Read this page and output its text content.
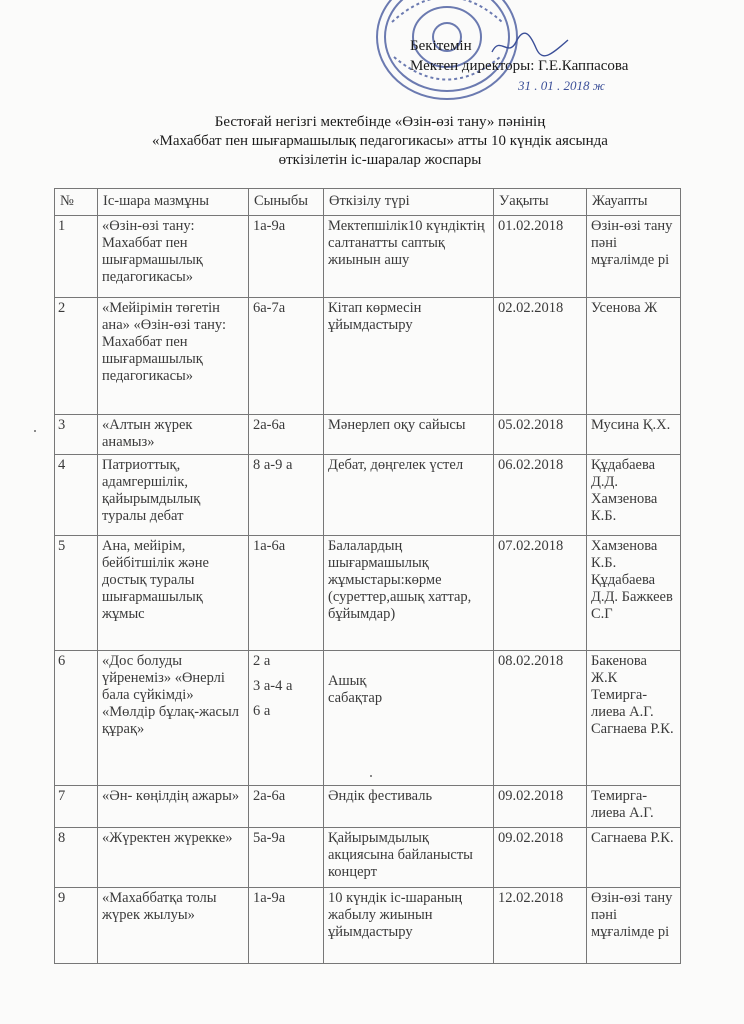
Бекітемін
Мектеп директоры: Г.Е.Каппасова
31 . 01 . 2018 ж
Бестоғай негізгі мектебінде «Өзін-өзі тану» пәнінің
«Махаббат пен шығармашылық педагогикасы» атты 10 күндік аясында
өткізілетін іс-шаралар жоспары
№	Іс-шара мазмұны	Сыныбы	Өткізілу түрі	Уақыты	Жауапты
1	«Өзін-өзі тану: Махаббат пен шығармашылық педагогикасы»	1а-9а	Мектепшілік10 күндіктің салтанатты саптық жиынын ашу	01.02.2018	Өзін-өзі тану пәні мұғалімде рі
2	«Мейірімін төгетін ана» «Өзін-өзі тану: Махаббат пен шығармашылық педагогикасы»	6а-7а	Кітап көрмесін ұйымдастыру	02.02.2018	Усенова Ж
3	«Алтын жүрек анамыз»	2а-6а	Мәнерлеп оқу сайысы	05.02.2018	Мусина Қ.Х.
4	Патриоттық, адамгершілік, қайырымдылық туралы дебат	8 а-9 а	Дебат, дөңгелек үстел	06.02.2018	Құдабаева Д.Д. Хамзенова К.Б.
5	Ана, мейірім, бейбітшілік және достық туралы шығармашылық жұмыс	1а-6а	Балалардың шығармашылық жұмыстары:көрме (суреттер,ашық хаттар, бұйымдар)	07.02.2018	Хамзенова К.Б. Құдабаева Д.Д. Бажкеев С.Г
6	«Дос болуды үйренеміз» «Өнерлі бала сүйкімді» «Мөлдір бұлақ-жасыл құрақ»	2 а
3 а-4 а
6 а	Ашық сабақтар	08.02.2018	Бакенова Ж.К Темирга-лиева А.Г. Сагнаева Р.К.
7	«Ән- көңілдің ажары»	2а-6а	Әндік фестиваль	09.02.2018	Темирга-лиева А.Г.
8	«Жүректен жүрекке»	5а-9а	Қайырымдылық акциясына байланысты концерт	09.02.2018	Сагнаева Р.К.
9	«Махаббатқа толы жүрек жылуы»	1а-9а	10 күндік іс-шараның жабылу жиынын ұйымдастыру	12.02.2018	Өзін-өзі тану пәні мұғалімде рі
